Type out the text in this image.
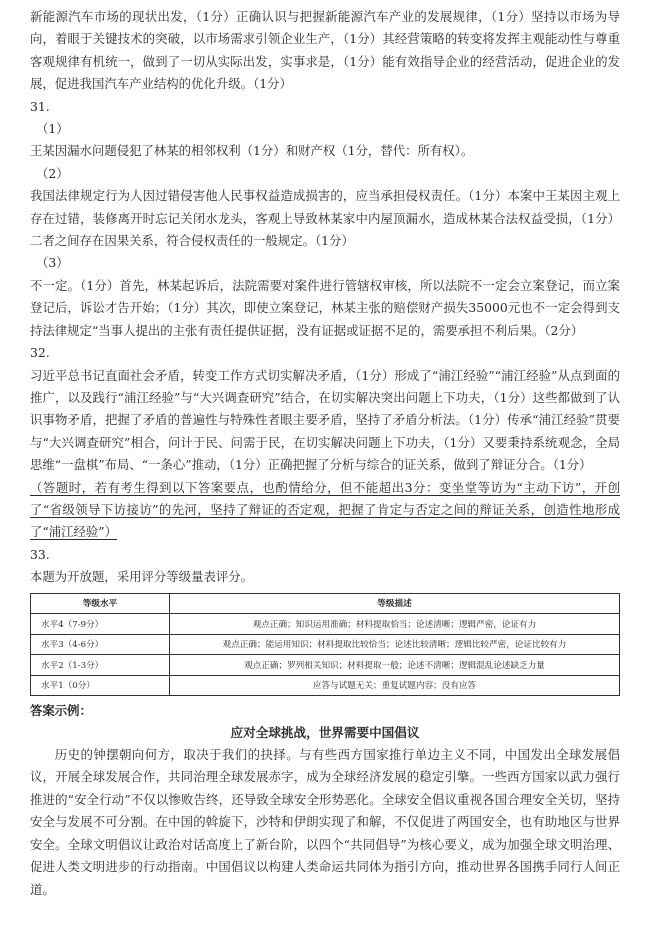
新能源汽车市场的现状出发，（1分）正确认识与把握新能源汽车产业的发展规律，（1分）坚持以市场为导向，着眼于关键技术的突破，以市场需求引领企业生产，（1分）其经营策略的转变将发挥主观能动性与尊重客观规律有机统一，做到了一切从实际出发，实事求是，（1分）能有效指导企业的经营活动，促进企业的发展，促进我国汽车产业结构的优化升级。（1分）

31.
（1）

王某因漏水问题侵犯了林某的相邻权利（1分）和财产权（1分，替代：所有权）。

（2）

我国法律规定行为人因过错侵害他人民事权益造成损害的，应当承担侵权责任。（1分）本案中王某因主观上存在过错，装修离开时忘记关闭水龙头，客观上导致林某家中内屋顶漏水，造成林某合法权益受损，（1分）二者之间存在因果关系，符合侵权责任的一般规定。（1分）

（3）

不一定。（1分）首先，林某起诉后，法院需要对案件进行管辖权审核，所以法院不一定会立案登记，而立案登记后，诉讼才告开始；（1分）其次，即使立案登记，林某主张的赔偿财产损失35000元也不一定会得到支持法律规定“当事人提出的主张有责任提供证据，没有证据或证据不足的，需要承担不利后果。（2分）

32.

习近平总书记直面社会矛盾，转变工作方式切实解决矛盾，（1分）形成了“浦江经验”“浦江经验”从点到面的推广，以及践行“浦江经验”与“大兴调查研究”结合，在切实解决突出问题上下功夫，（1分）这些都做到了认识事物矛盾，把握了矛盾的普遍性与特殊性者眼主要矛盾，坚持了矛盾分析法。（1分）传承“浦江经验”贯要与“大兴调查研究”相合，问计于民、问需于民，在切实解决问题上下功夫，（1分）又要秉持系统观念，全局思维“一盘棋”布局、“一条心”推动，（1分）正确把握了分析与综合的证关系，做到了辩证分合。（1分）

（答题时，若有考生得到以下答案要点，也酌情给分，但不能超出3分：变坐堂等访为“主动下访”，开创了“省级领导下访接访”的先河，坚持了辩证的否定观，把握了肯定与否定之间的辩证关系，创造性地形成了“浦江经验”）

33.

本题为开放题，采用评分等级量表评分。

等级水平	等级描述
水平4（7-9分）	观点正确；知识运用准确；材料提取恰当；论述清晰；逻辑严密，论证有力
水平3（4-6分）	观点正确；能运用知识；材料提取比较恰当；论述比较清晰；逻辑比较严密，论证比较有力
水平2（1-3分）	观点正确；罗列相关知识；材料提取一般；论述不清晰；逻辑混乱论述缺乏力量
水平1（0分）	应答与试题无关；重复试题内容；没有应答
答案示例：
应对全球挑战，世界需要中国倡议

历史的钟摆朝向何方，取决于我们的抉择。与有些西方国家推行单边主义不同，中国发出全球发展倡议，开展全球发展合作，共同治理全球发展赤字，成为全球经济发展的稳定引擎。一些西方国家以武力强行推进的“安全行动”不仅以惨败告终，还导致全球安全形势恶化。全球安全倡议重视各国合理安全关切，坚持安全与发展不可分割。在中国的斡旋下，沙特和伊朗实现了和解，不仅促进了两国安全，也有助地区与世界安全。全球文明倡议让政治对话高度上了新台阶，以四个“共同倡导”为核心要义，成为加强全球文明治理、促进人类文明进步的行动指南。中国倡议以构建人类命运共同体为指引方向，推动世界各国携手同行人间正道。
